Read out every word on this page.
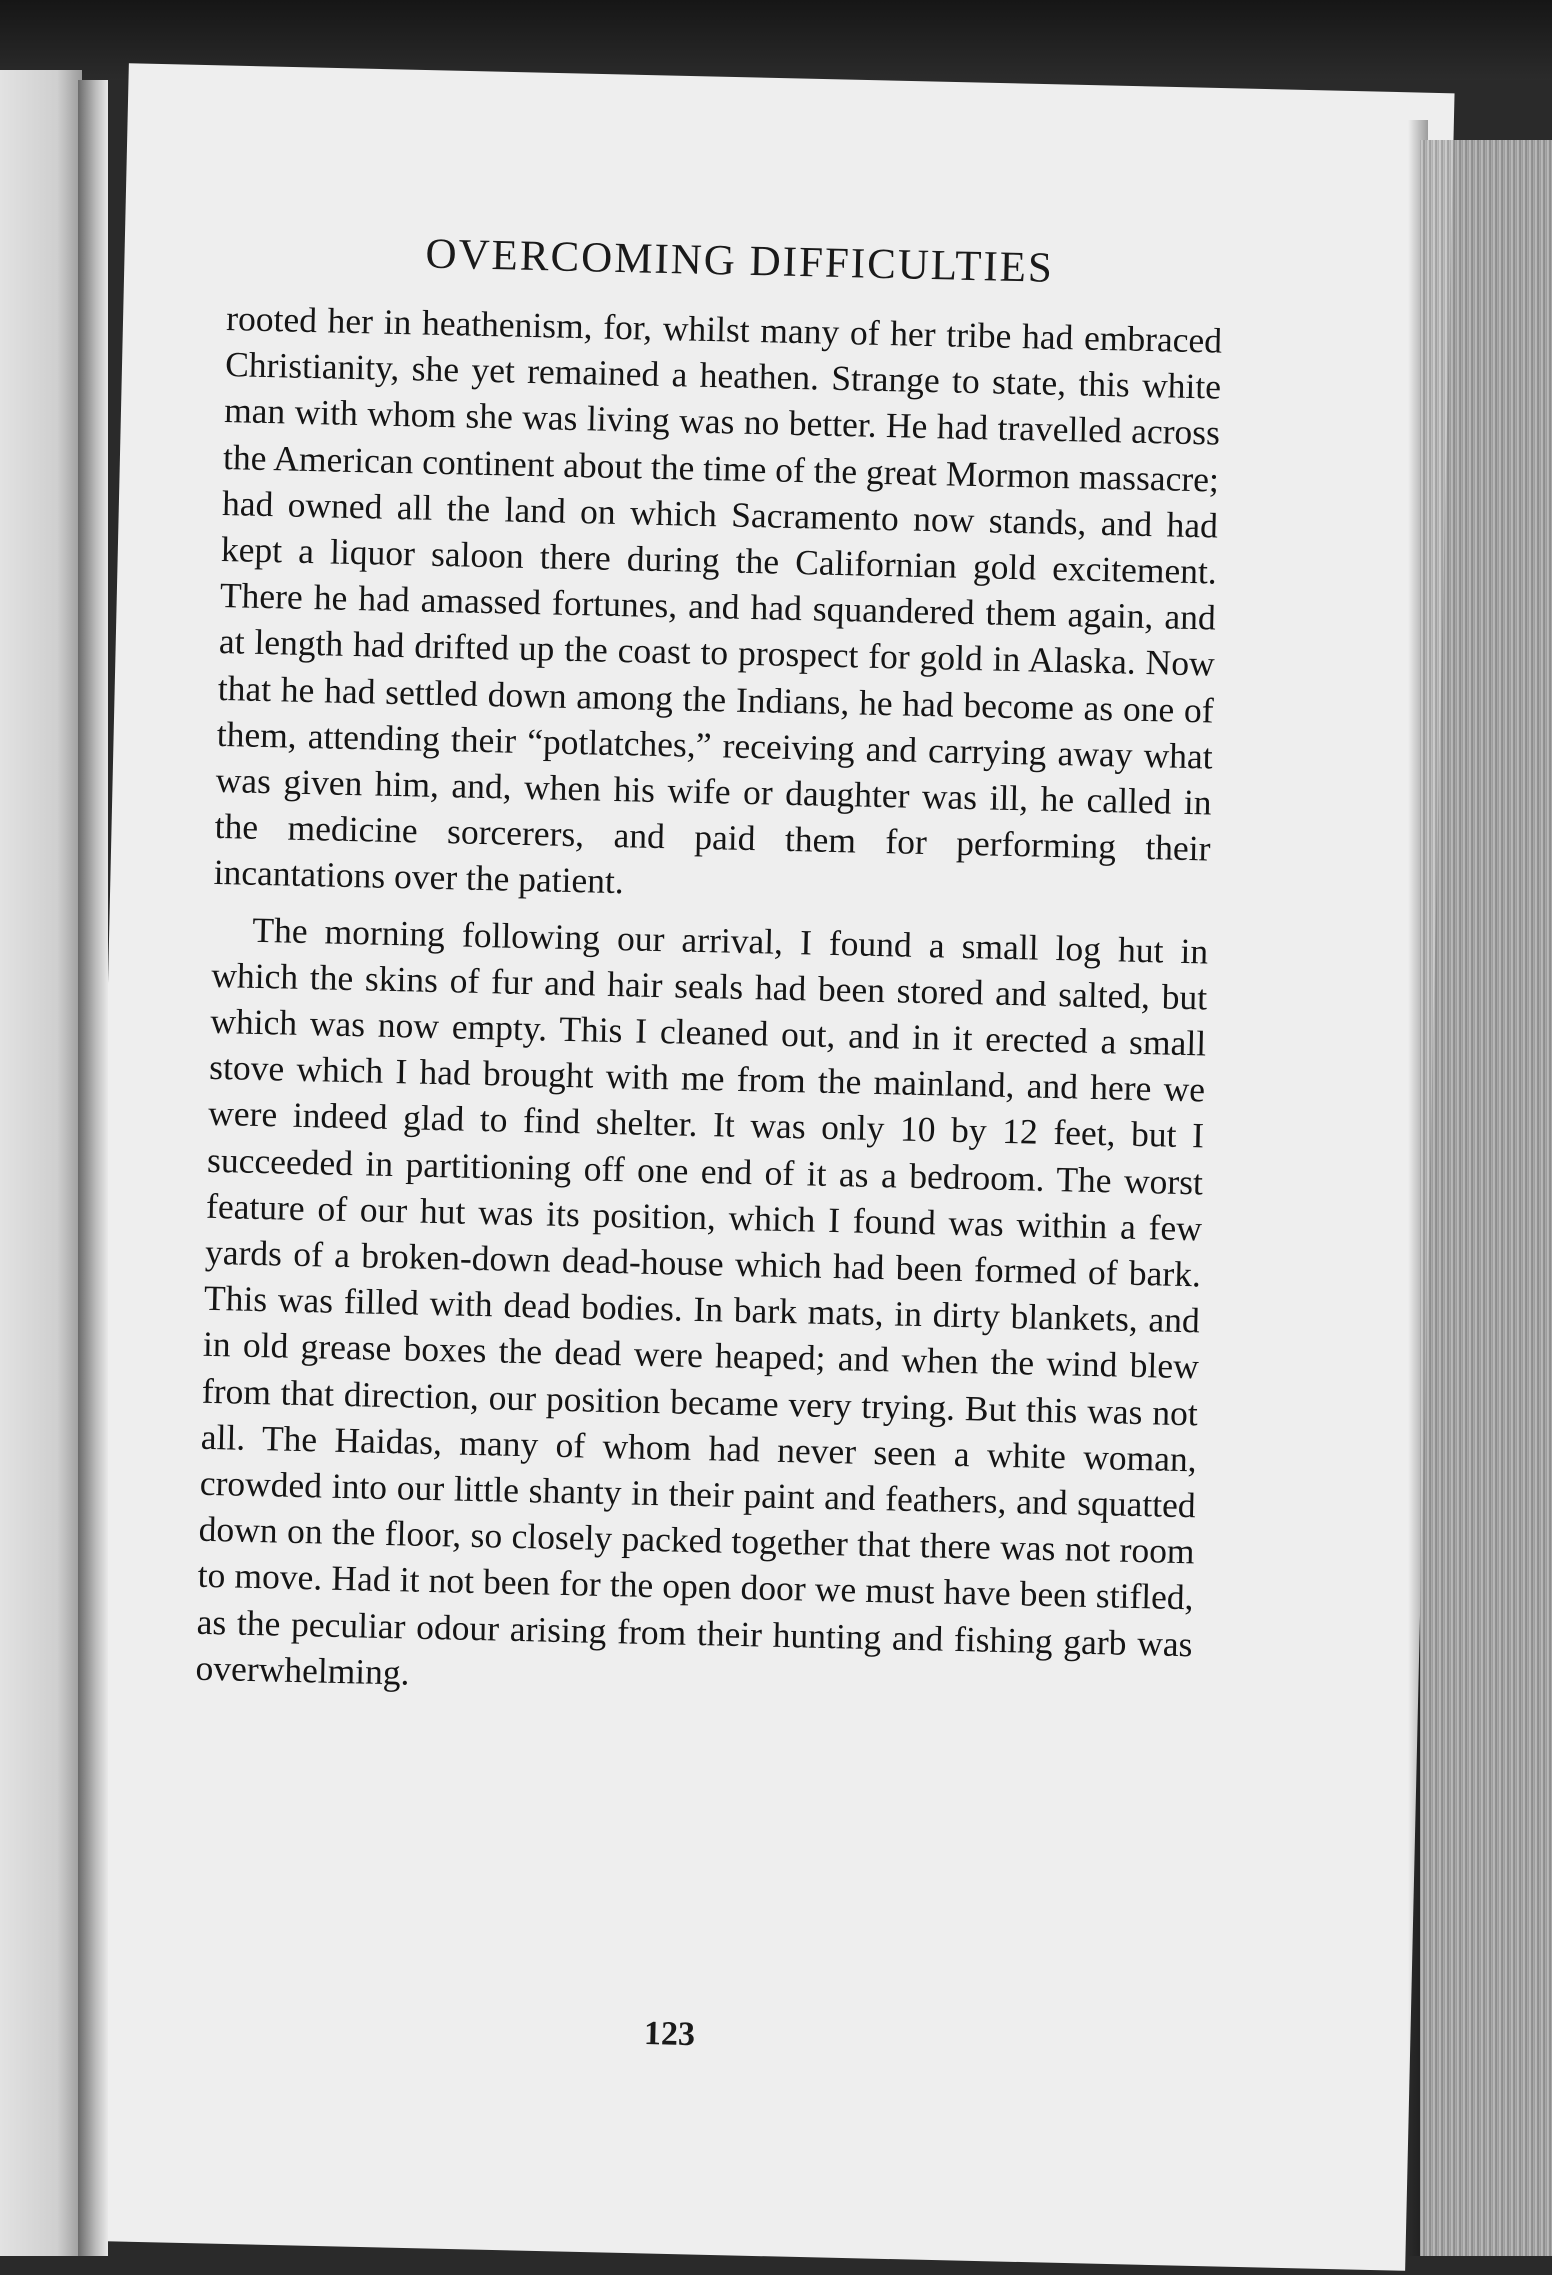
OVERCOMING DIFFICULTIES

rooted her in heathenism, for, whilst many of her tribe had embraced Christianity, she yet remained a heathen. Strange to state, this white man with whom she was living was no better. He had travelled across the American continent about the time of the great Mormon massacre; had owned all the land on which Sacramento now stands, and had kept a liquor saloon there during the Californian gold excitement. There he had amassed fortunes, and had squandered them again, and at length had drifted up the coast to prospect for gold in Alaska. Now that he had settled down among the Indians, he had become as one of them, attending their “potlatches,” receiving and carrying away what was given him, and, when his wife or daughter was ill, he called in the medicine sorcerers, and paid them for performing their incantations over the patient.

The morning following our arrival, I found a small log hut in which the skins of fur and hair seals had been stored and salted, but which was now empty. This I cleaned out, and in it erected a small stove which I had brought with me from the mainland, and here we were indeed glad to find shelter. It was only 10 by 12 feet, but I succeeded in partitioning off one end of it as a bedroom. The worst feature of our hut was its position, which I found was within a few yards of a broken-down dead-house which had been formed of bark. This was filled with dead bodies. In bark mats, in dirty blankets, and in old grease boxes the dead were heaped; and when the wind blew from that direction, our position became very trying. But this was not all. The Haidas, many of whom had never seen a white woman, crowded into our little shanty in their paint and feathers, and squatted down on the floor, so closely packed together that there was not room to move. Had it not been for the open door we must have been stifled, as the peculiar odour arising from their hunting and fishing garb was overwhelming.

123
